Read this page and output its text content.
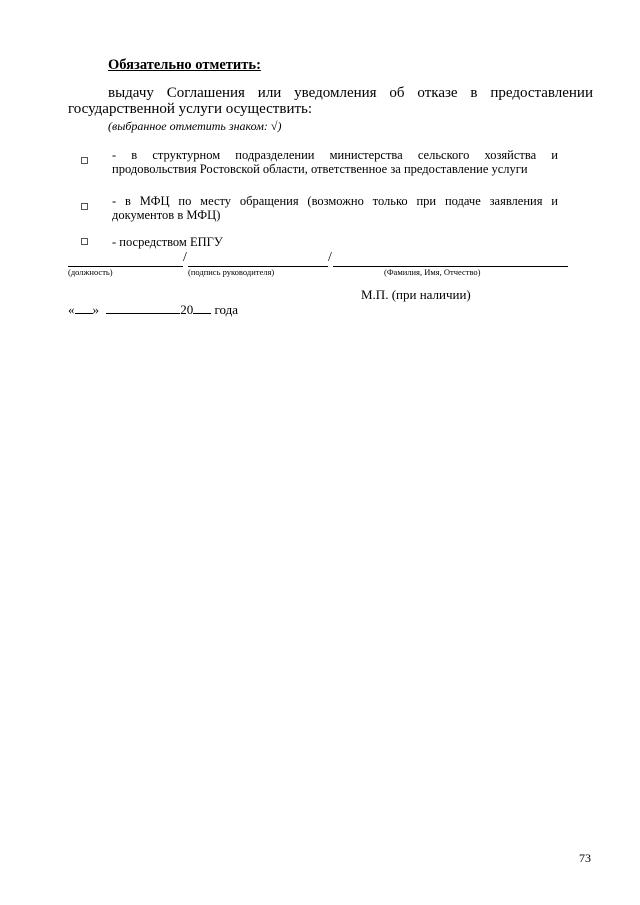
Обязательно отметить:
выдачу Соглашения или уведомления об отказе в предоставлении
государственной услуги осуществить:
(выбранное отметить знаком: √)
- в структурном подразделении министерства сельского хозяйства и
продовольствия Ростовской области, ответственное за предоставление услуги
- в МФЦ по месту обращения (возможно только при подаче заявления и
документов в МФЦ)
- посредством ЕПГУ
/	/
(должность)	(подпись руководителя)	(Фамилия, Имя, Отчество)
М.П. (при наличии)
« »	20 года
73
